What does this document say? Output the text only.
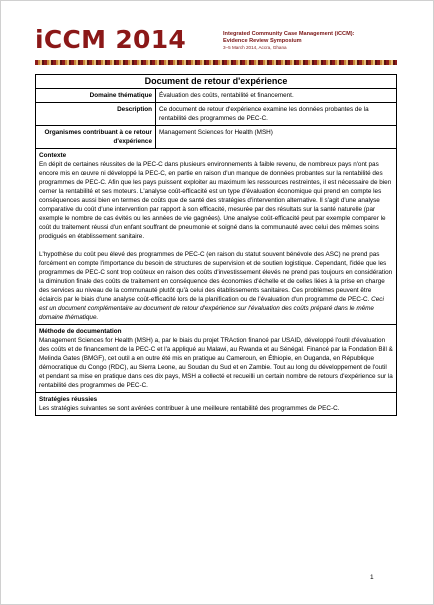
iCCM 2014	Integrated Community Case Management (iCCM):
Evidence Review Symposium
3–5 March 2014, Accra, Ghana
Document de retour d'expérience	
Domaine thématique	Évaluation des coûts, rentabilité et financement.
Description	Ce document de retour d'expérience examine les données probantes de la rentabilité des programmes de PEC-C.
Organismes contribuant à ce retour d'expérience	Management Sciences for Health (MSH)

Contexte

En dépit de certaines réussites de la PEC-C dans plusieurs environnements à faible revenu, de nombreux pays n'ont pas encore mis en œuvre ni développé la PEC-C, en partie en raison d'un manque de données probantes sur la rentabilité des programmes de PEC-C. Afin que les pays puissent exploiter au maximum les ressources restreintes, il est nécessaire de bien cerner la rentabilité et ses moteurs. L'analyse coût-efficacité est un type d'évaluation économique qui prend en compte les conséquences aussi bien en termes de coûts que de santé des stratégies d'intervention alternative. Il s'agit d'une analyse comparative du coût d'une intervention par rapport à son efficacité, mesurée par des résultats sur la santé naturelle (par exemple le nombre de cas évités ou les années de vie gagnées). Une analyse coût-efficacité peut par exemple comparer le coût du traitement réussi d'un enfant souffrant de pneumonie et soigné dans la communauté avec celui des mêmes soins prodigués en établissement sanitaire.

L'hypothèse du coût peu élevé des programmes de PEC-C (en raison du statut souvent bénévole des ASC) ne prend pas forcément en compte l'importance du besoin de structures de supervision et de soutien logistique. Cependant, l'idée que les programmes de PEC-C sont trop coûteux en raison des coûts d'investissement élevés ne prend pas toujours en considération la diminution finale des coûts de traitement en conséquence des économies d'échelle et de celles liées à la prise en charge des services au niveau de la communauté plutôt qu'à celui des établissements sanitaires. Ces problèmes peuvent être éclaircis par le biais d'une analyse coût-efficacité lors de la planification ou de l'évaluation d'un programme de PEC-C. Ceci est un document complémentaire au document de retour d'expérience sur l'évaluation des coûts préparé dans le même domaine thématique.	

Méthode de documentation
Management Sciences for Health (MSH) a, par le biais du projet TRAction financé par USAID, développé l'outil d'évaluation des coûts et de financement de la PEC-C et l'a appliqué au Malawi, au Rwanda et au Sénégal. Financé par la Fondation Bill & Melinda Gates (BMGF), cet outil a en outre été mis en pratique au Cameroun, en Éthiopie, en Ouganda, en République démocratique du Congo (RDC), au Sierra Leone, au Soudan du Sud et en Zambie. Tout au long du développement de l'outil et pendant sa mise en pratique dans ces dix pays, MSH a collecté et recueilli un certain nombre de retours d'expérience sur la rentabilité des programmes de PEC-C.	

Stratégies réussies
Les stratégies suivantes se sont avérées contribuer à une meilleure rentabilité des programmes de PEC-C.	
1
